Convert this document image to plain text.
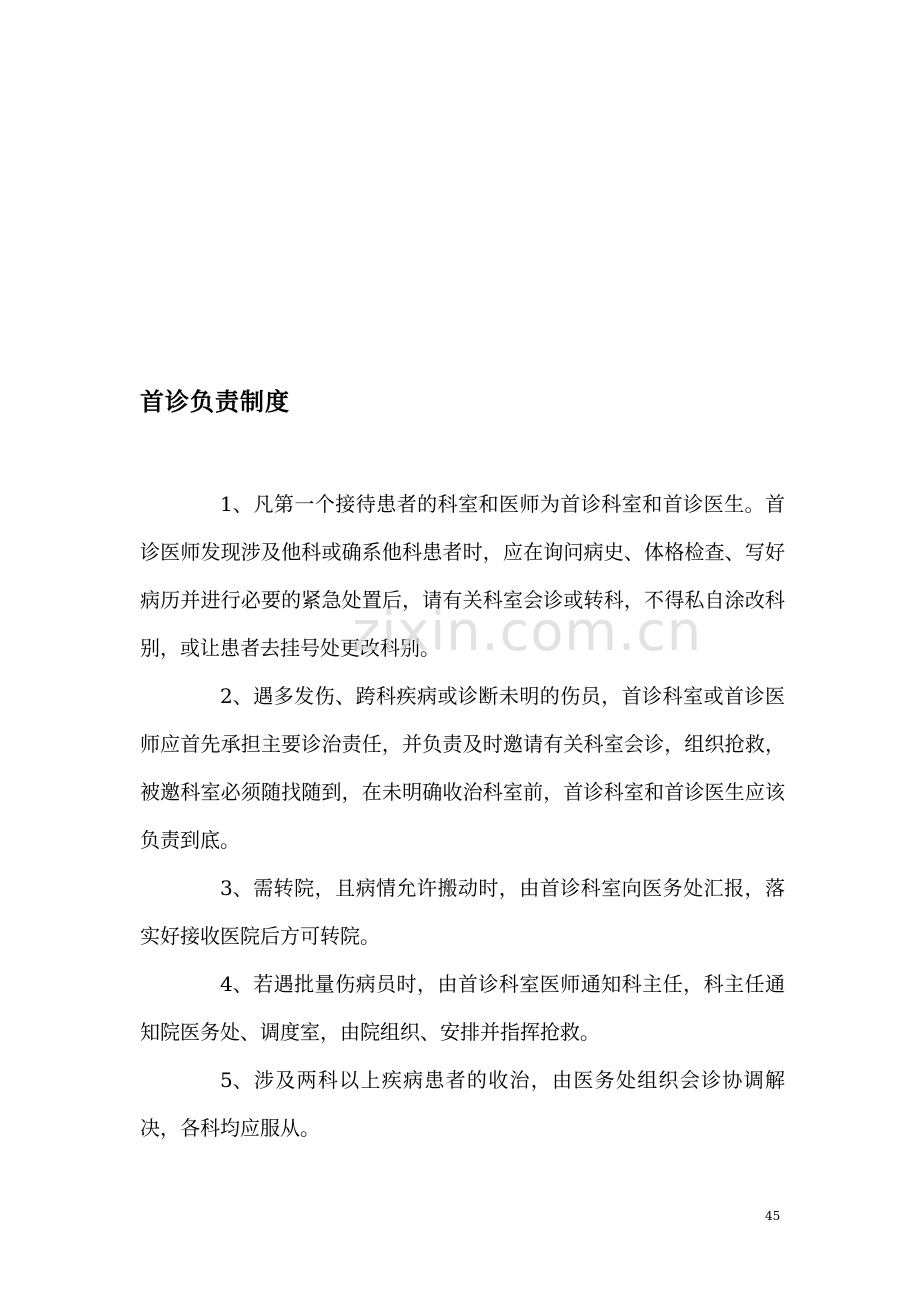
首诊负责制度

1、凡第一个接待患者的科室和医师为首诊科室和首诊医生。首诊医师发现涉及他科或确系他科患者时，应在询问病史、体格检查、写好病历并进行必要的紧急处置后，请有关科室会诊或转科，不得私自涂改科别，或让患者去挂号处更改科别。

2、遇多发伤、跨科疾病或诊断未明的伤员，首诊科室或首诊医师应首先承担主要诊治责任，并负责及时邀请有关科室会诊，组织抢救，被邀科室必须随找随到，在未明确收治科室前，首诊科室和首诊医生应该负责到底。

3、需转院，且病情允许搬动时，由首诊科室向医务处汇报，落实好接收医院后方可转院。

4、若遇批量伤病员时，由首诊科室医师通知科主任，科主任通知院医务处、调度室，由院组织、安排并指挥抢救。

5、涉及两科以上疾病患者的收治，由医务处组织会诊协调解决，各科均应服从。

zixin.com.cn
45
